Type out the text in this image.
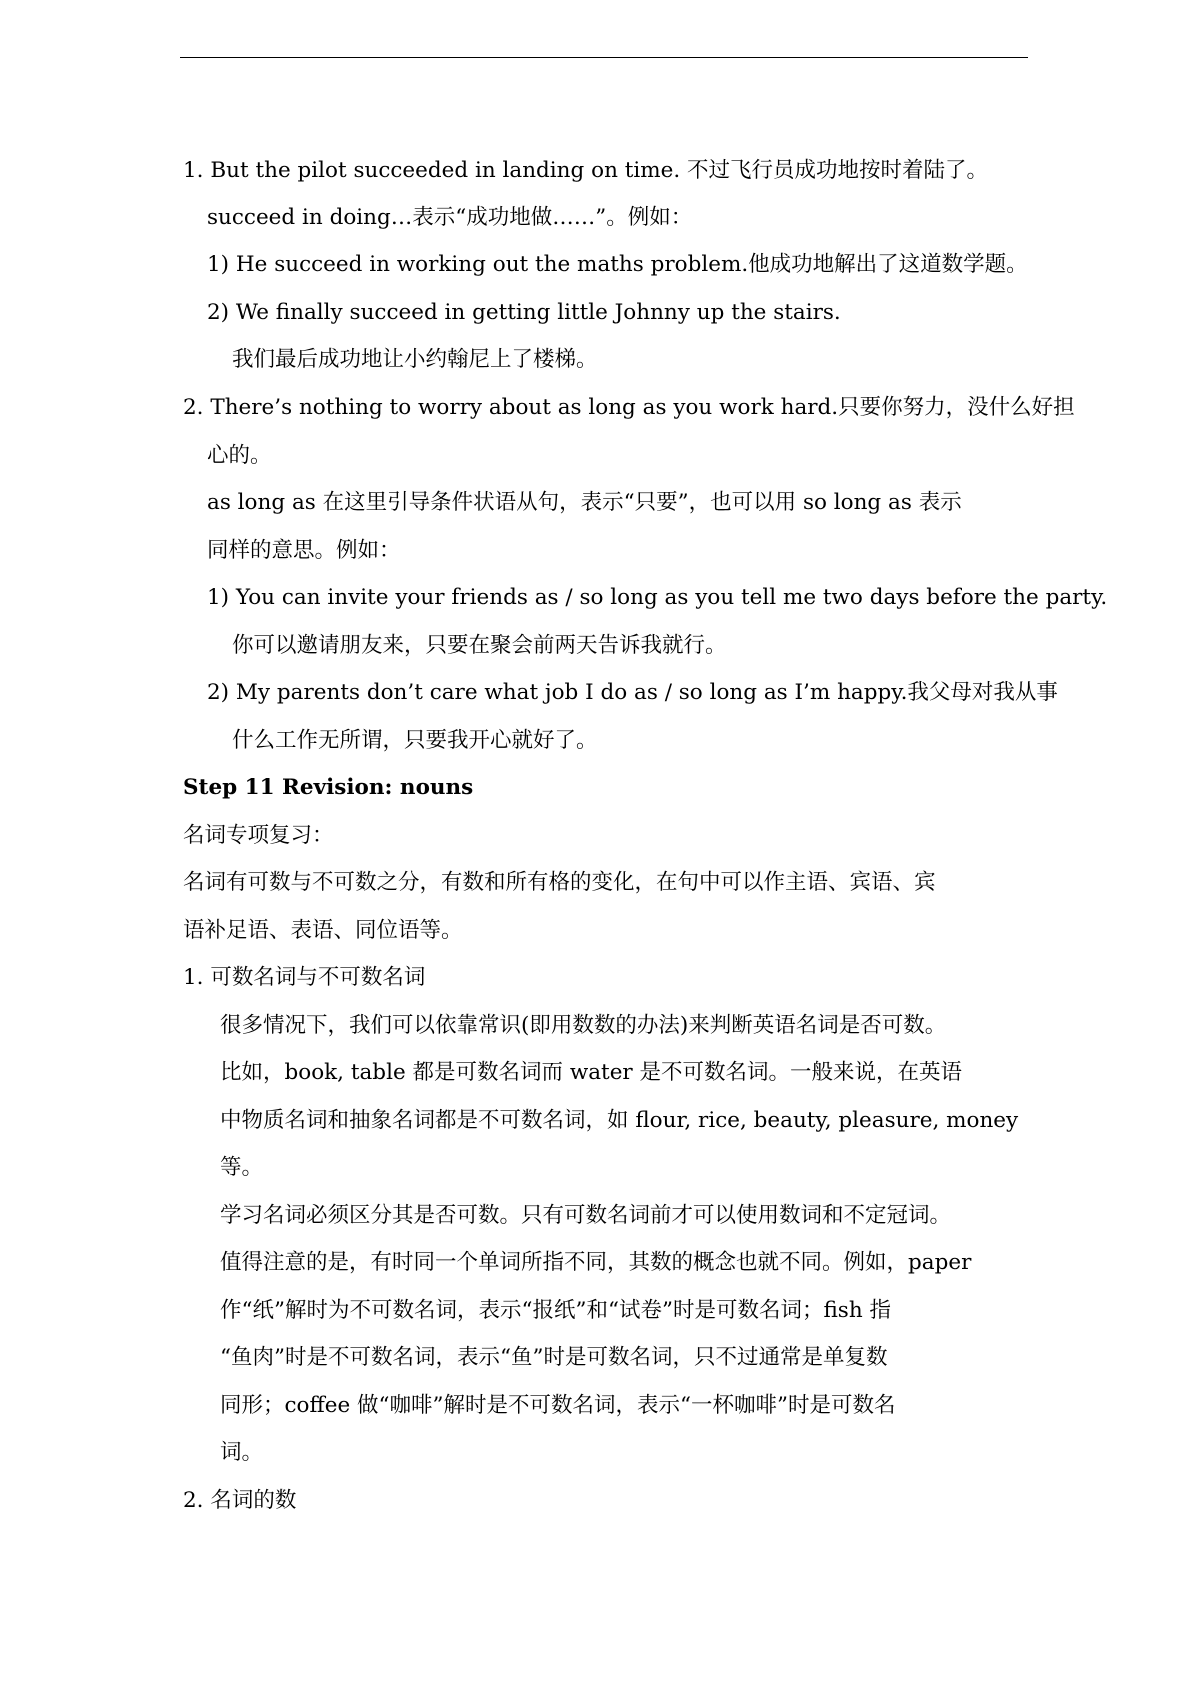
1. But the pilot succeeded in landing on time. 不过飞行员成功地按时着陆了。
succeed in doing…表示“成功地做……”。例如：
1) He succeed in working out the maths problem.他成功地解出了这道数学题。
2) We finally succeed in getting little Johnny up the stairs.
我们最后成功地让小约翰尼上了楼梯。
2. There’s nothing to worry about as long as you work hard.只要你努力，没什么好担
心的。
as long as 在这里引导条件状语从句，表示“只要”，也可以用 so long as 表示
同样的意思。例如：
1) You can invite your friends as / so long as you tell me two days before the party.
你可以邀请朋友来，只要在聚会前两天告诉我就行。
2) My parents don’t care what job I do as / so long as I’m happy.我父母对我从事
什么工作无所谓，只要我开心就好了。
Step 11 Revision: nouns
名词专项复习：
名词有可数与不可数之分，有数和所有格的变化，在句中可以作主语、宾语、宾
语补足语、表语、同位语等。
1. 可数名词与不可数名词
很多情况下，我们可以依靠常识(即用数数的办法)来判断英语名词是否可数。
比如，book, table 都是可数名词而 water 是不可数名词。一般来说，在英语
中物质名词和抽象名词都是不可数名词，如 flour, rice, beauty, pleasure, money
等。
学习名词必须区分其是否可数。只有可数名词前才可以使用数词和不定冠词。
值得注意的是，有时同一个单词所指不同，其数的概念也就不同。例如，paper
作“纸”解时为不可数名词，表示“报纸”和“试卷”时是可数名词；fish 指
“鱼肉”时是不可数名词，表示“鱼”时是可数名词，只不过通常是单复数
同形；coffee 做“咖啡”解时是不可数名词，表示“一杯咖啡”时是可数名
词。
2. 名词的数
